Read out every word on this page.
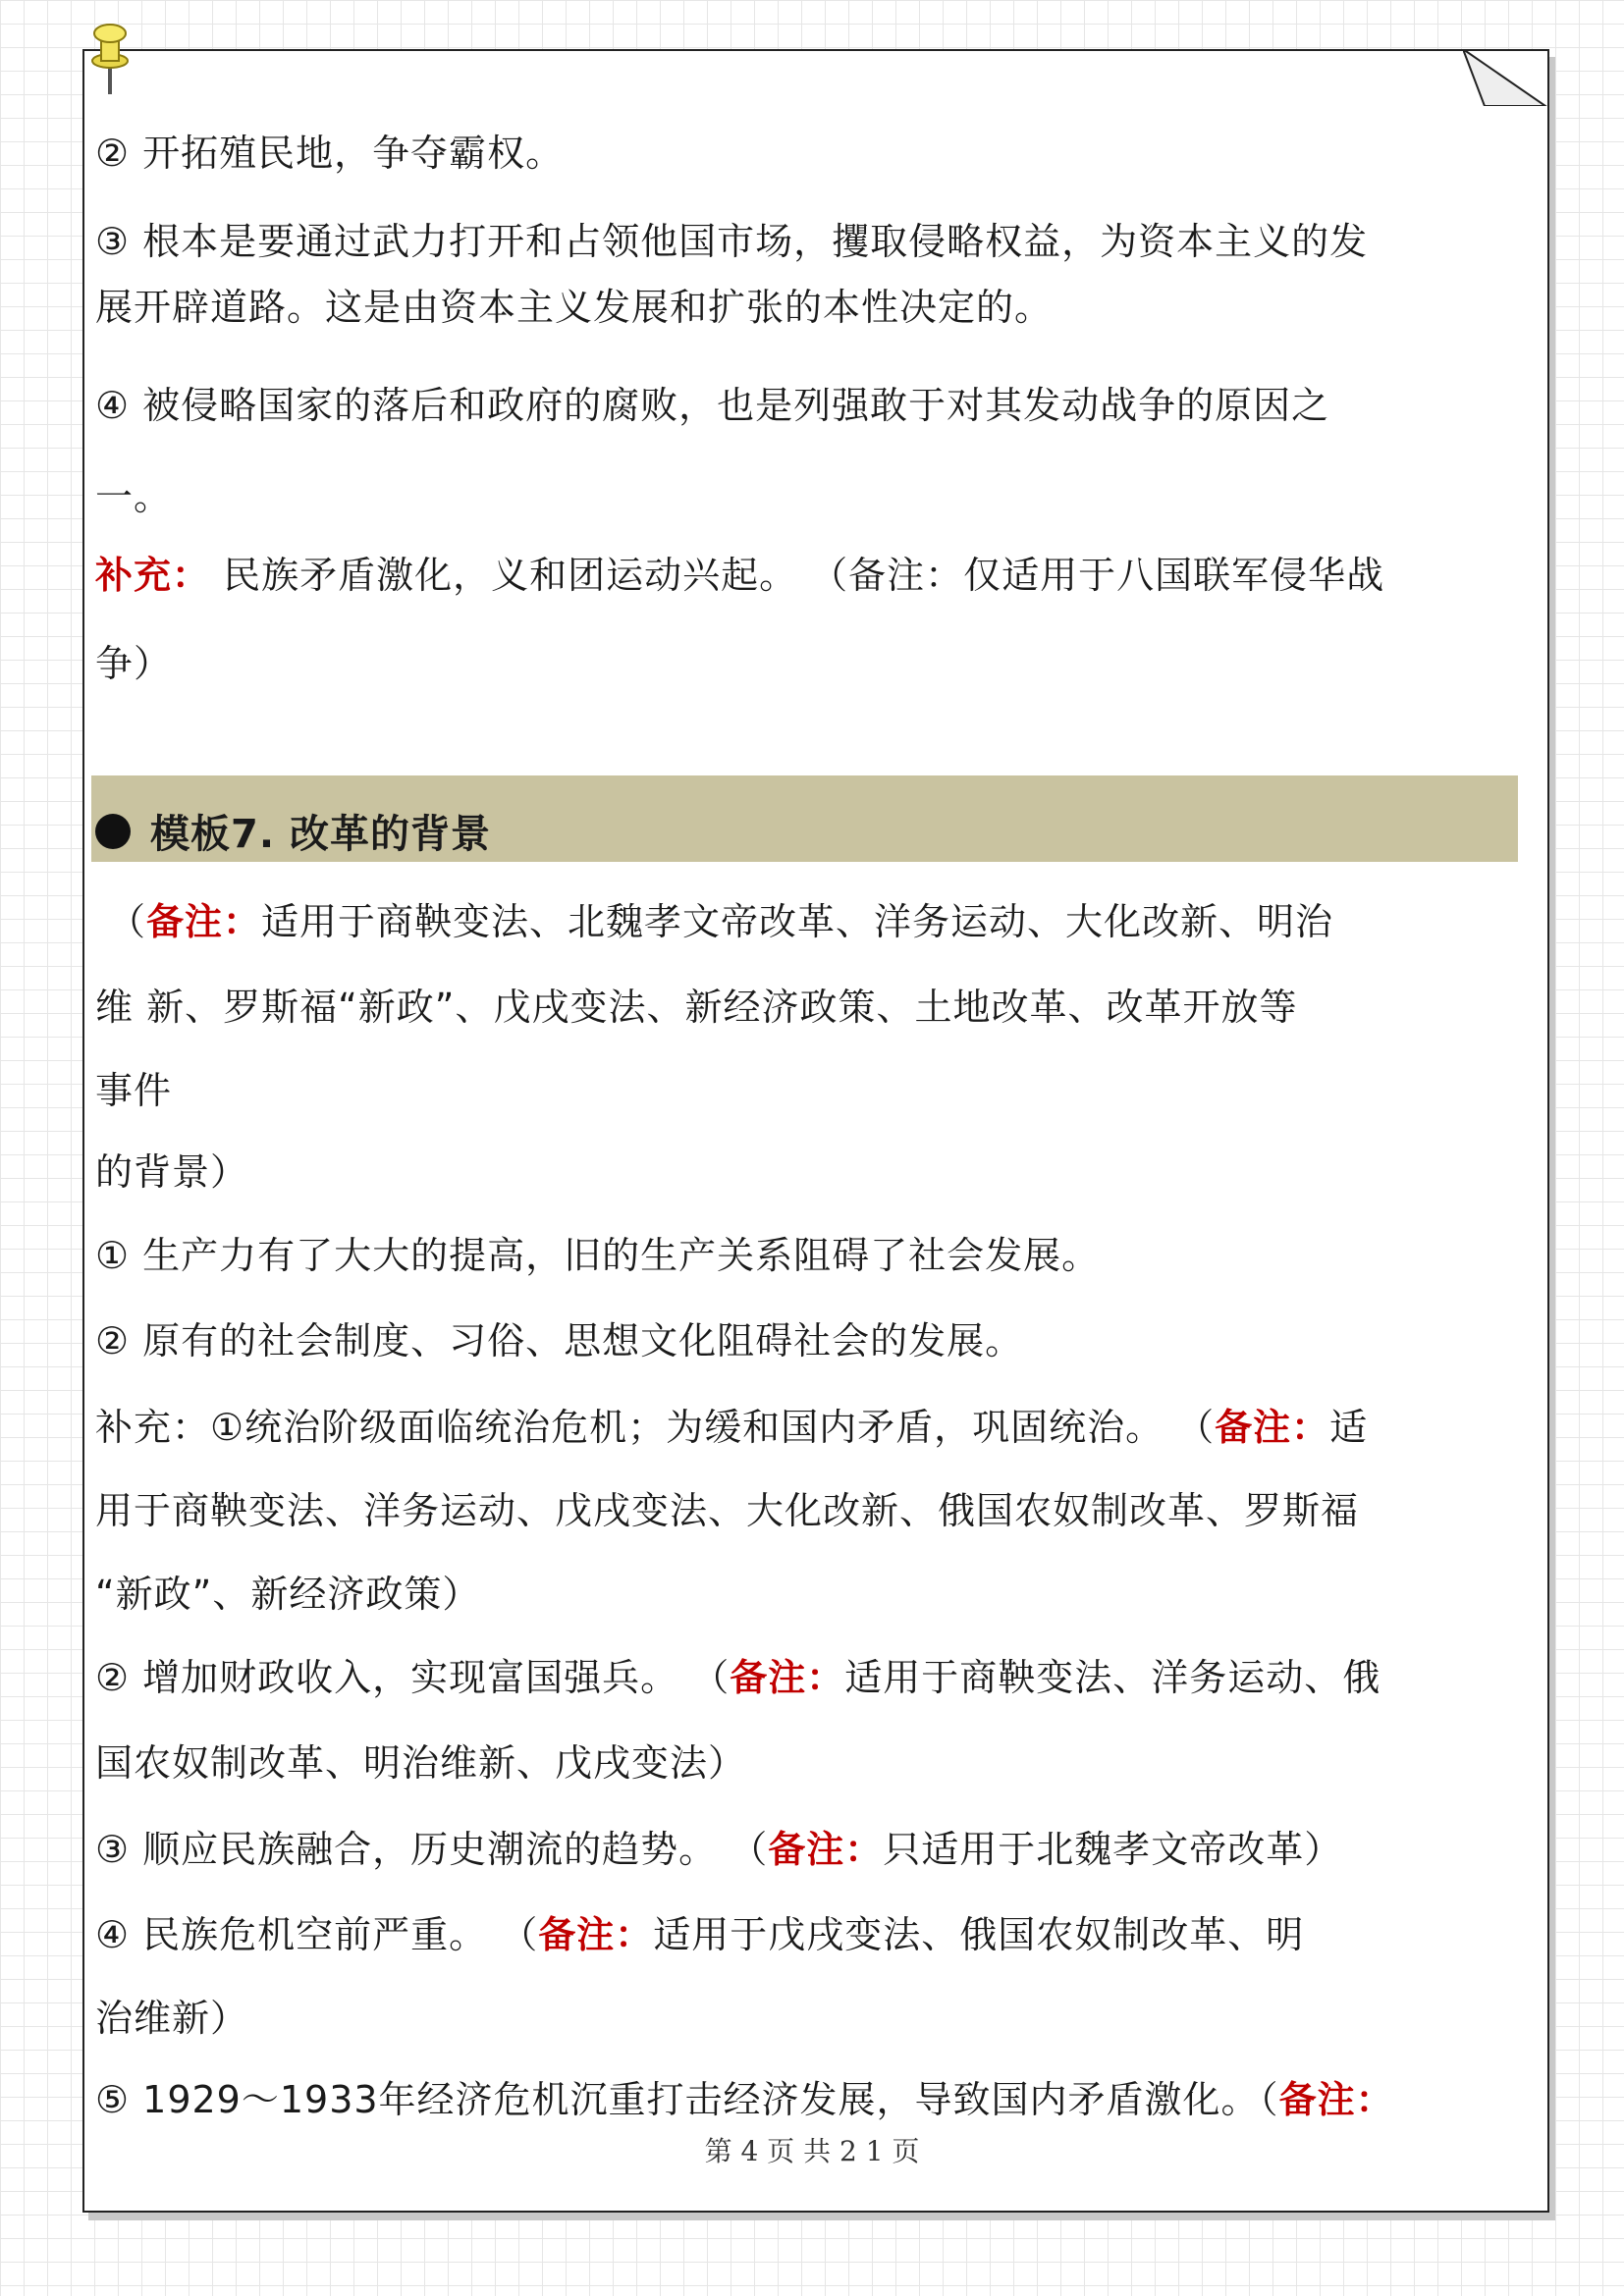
② 开拓殖民地，争夺霸权。
③ 根本是要通过武力打开和占领他国市场，攫取侵略权益，为资本主义的发
展开辟道路。这是由资本主义发展和扩张的本性决定的。
④ 被侵略国家的落后和政府的腐败，也是列强敢于对其发动战争的原因之
一。
补充： 民族矛盾激化，义和团运动兴起。 （备注：仅适用于八国联军侵华战
争）
模板7. 改革的背景
（备注：适用于商鞅变法、北魏孝文帝改革、洋务运动、大化改新、明治
维 新、罗斯福“新政”、戊戌变法、新经济政策、土地改革、改革开放等
事件
的背景）
① 生产力有了大大的提高，旧的生产关系阻碍了社会发展。
② 原有的社会制度、习俗、思想文化阻碍社会的发展。
补充：①统治阶级面临统治危机；为缓和国内矛盾，巩固统治。 （备注：适
用于商鞅变法、洋务运动、戊戌变法、大化改新、俄国农奴制改革、罗斯福
“新政”、新经济政策）
② 增加财政收入，实现富国强兵。 （备注：适用于商鞅变法、洋务运动、俄
国农奴制改革、明治维新、戊戌变法）
③ 顺应民族融合，历史潮流的趋势。 （备注：只适用于北魏孝文帝改革）
④ 民族危机空前严重。 （备注：适用于戊戌变法、俄国农奴制改革、明
治维新）
⑤ 1929～1933年经济危机沉重打击经济发展，导致国内矛盾激化。（备注：
第 4 页 共 2 1 页
